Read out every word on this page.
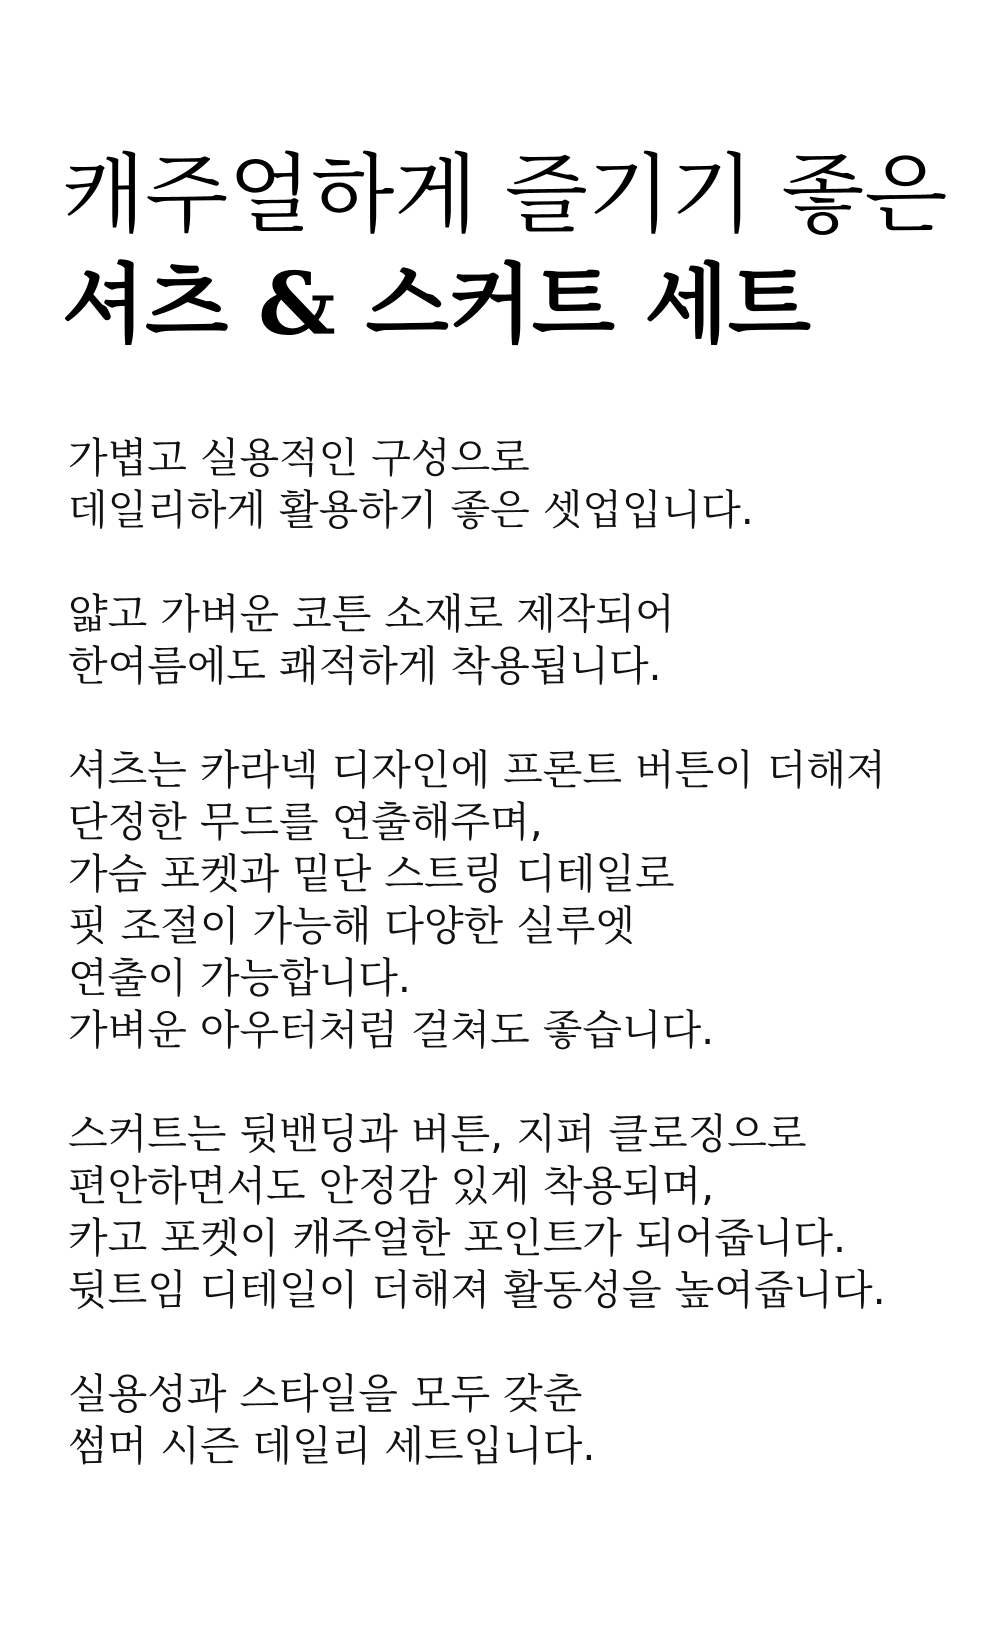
캐주얼하게 즐기기 좋은
셔츠 & 스커트 세트

가볍고 실용적인 구성으로
데일리하게 활용하기 좋은 셋업입니다.

얇고 가벼운 코튼 소재로 제작되어
한여름에도 쾌적하게 착용됩니다.

셔츠는 카라넥 디자인에 프론트 버튼이 더해져
단정한 무드를 연출해주며,
가슴 포켓과 밑단 스트링 디테일로
핏 조절이 가능해 다양한 실루엣
연출이 가능합니다.
가벼운 아우터처럼 걸쳐도 좋습니다.

스커트는 뒷밴딩과 버튼, 지퍼 클로징으로
편안하면서도 안정감 있게 착용되며,
카고 포켓이 캐주얼한 포인트가 되어줍니다.
뒷트임 디테일이 더해져 활동성을 높여줍니다.

실용성과 스타일을 모두 갖춘
썸머 시즌 데일리 세트입니다.
